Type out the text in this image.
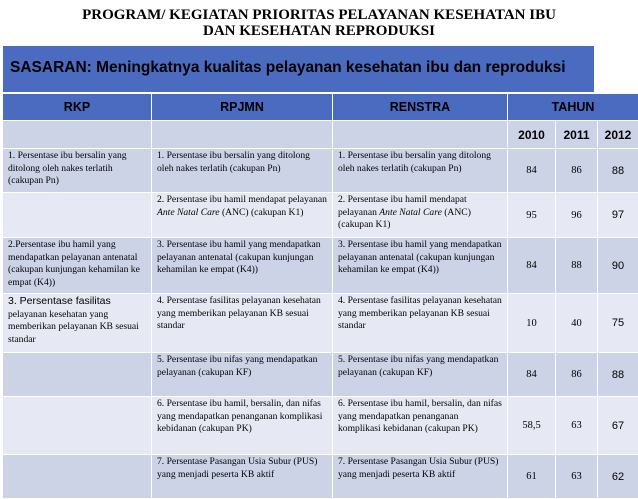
PROGRAM/ KEGIATAN PRIORITAS PELAYANAN KESEHATAN IBU
DAN KESEHATAN REPRODUKSI
SASARAN: Meningkatnya kualitas pelayanan kesehatan ibu dan reproduksi
RKP	RPJMN	RENSTRA	TAHUN		
			2010	2011	2012
1. Persentase ibu bersalin yang ditolong oleh nakes terlatih (cakupan Pn)	1. Persentase ibu bersalin yang ditolong oleh nakes terlatih (cakupan Pn)	1. Persentase ibu bersalin yang ditolong oleh nakes terlatih (cakupan Pn)	84	86	88
	2. Persentase ibu hamil mendapat pelayanan Ante Natal Care (ANC) (cakupan K1)	2. Persentase ibu hamil mendapat pelayanan Ante Natal Care (ANC) (cakupan K1)	95	96	97
2.Persentase ibu hamil yang mendapatkan pelayanan antenatal (cakupan kunjungan kehamilan ke empat (K4))	3. Persentase ibu hamil yang mendapatkan pelayanan antenatal (cakupan kunjungan kehamilan ke empat (K4))	3. Persentase ibu hamil yang mendapatkan pelayanan antenatal (cakupan kunjungan kehamilan ke empat (K4))	84	88	90
3. Persentase fasilitas pelayanan kesehatan yang memberikan pelayanan KB sesuai standar	4. Persentase fasilitas pelayanan kesehatan yang memberikan pelayanan KB sesuai standar	4. Persentase fasilitas pelayanan kesehatan yang memberikan pelayanan KB sesuai standar	10	40	75
	5. Persentase ibu nifas yang mendapatkan pelayanan (cakupan KF)	5. Persentase ibu nifas yang mendapatkan pelayanan (cakupan KF)	84	86	88
	6. Persentase ibu hamil, bersalin, dan nifas yang mendapatkan penanganan komplikasi kebidanan (cakupan PK)	6. Persentase ibu hamil, bersalin, dan nifas yang mendapatkan penanganan komplikasi kebidanan (cakupan PK)	58,5	63	67
	7. Persentase Pasangan Usia Subur (PUS) yang menjadi peserta KB aktif	7. Persentase Pasangan Usia Subur (PUS) yang menjadi peserta KB aktif	61	63	62
